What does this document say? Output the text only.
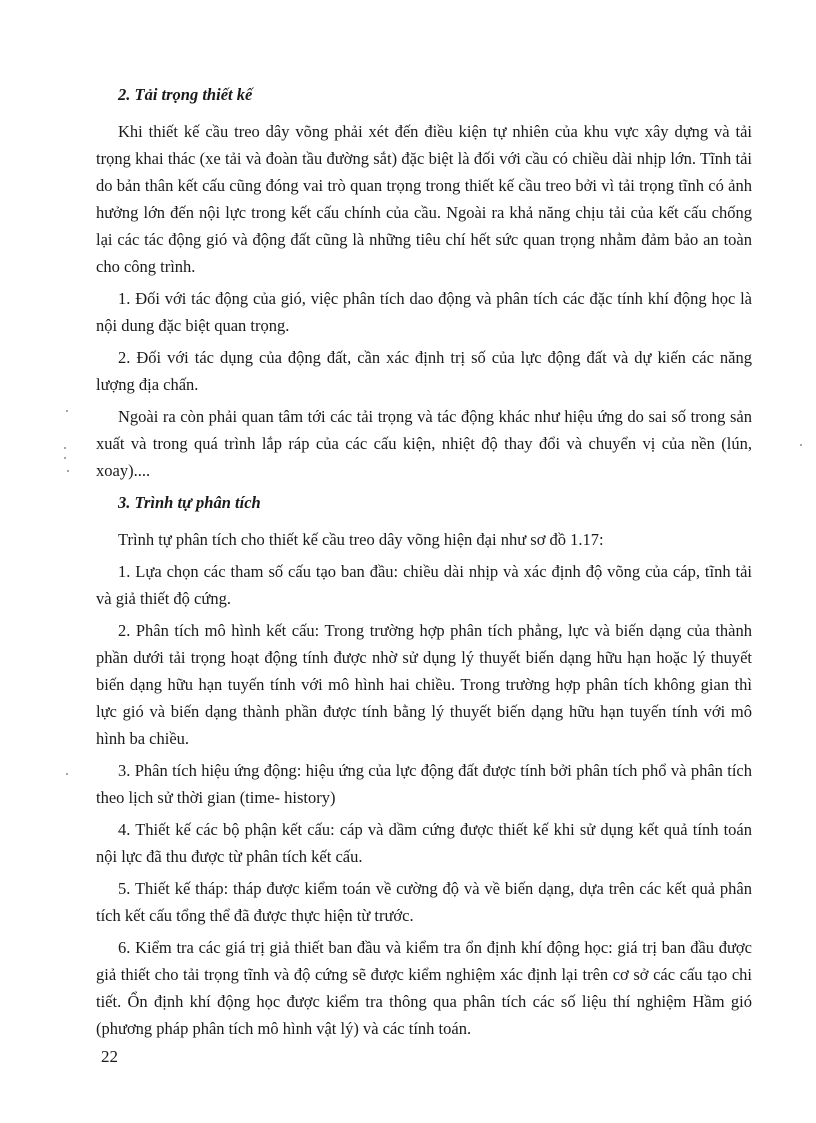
2. Tải trọng thiết kế

Khi thiết kế cầu treo dây võng phải xét đến điều kiện tự nhiên của khu vực xây dựng và tải trọng khai thác (xe tải và đoàn tầu đường sắt) đặc biệt là đối với cầu có chiều dài nhịp lớn. Tĩnh tải do bản thân kết cấu cũng đóng vai trò quan trọng trong thiết kế cầu treo bởi vì tải trọng tĩnh có ảnh hưởng lớn đến nội lực trong kết cấu chính của cầu. Ngoài ra khả năng chịu tải của kết cấu chống lại các tác động gió và động đất cũng là những tiêu chí hết sức quan trọng nhằm đảm bảo an toàn cho công trình.

1. Đối với tác động của gió, việc phân tích dao động và phân tích các đặc tính khí động học là nội dung đặc biệt quan trọng.

2. Đối với tác dụng của động đất, cần xác định trị số của lực động đất và dự kiến các năng lượng địa chấn.

Ngoài ra còn phải quan tâm tới các tải trọng và tác động khác như hiệu ứng do sai số trong sản xuất và trong quá trình lắp ráp của các cấu kiện, nhiệt độ thay đổi và chuyển vị của nền (lún, xoay)....

3. Trình tự phân tích

Trình tự phân tích cho thiết kế cầu treo dây võng hiện đại như sơ đồ 1.17:

1. Lựa chọn các tham số cấu tạo ban đầu: chiều dài nhịp và xác định độ võng của cáp, tĩnh tải và giả thiết độ cứng.

2. Phân tích mô hình kết cấu: Trong trường hợp phân tích phẳng, lực và biến dạng của thành phần dưới tải trọng hoạt động tính được nhờ sử dụng lý thuyết biến dạng hữu hạn hoặc lý thuyết biến dạng hữu hạn tuyến tính với mô hình hai chiều. Trong trường hợp phân tích không gian thì lực gió và biến dạng thành phần được tính bằng lý thuyết biến dạng hữu hạn tuyến tính với mô hình ba chiều.

3. Phân tích hiệu ứng động: hiệu ứng của lực động đất được tính bởi phân tích phổ và phân tích theo lịch sử thời gian (time- history)

4. Thiết kế các bộ phận kết cấu: cáp và dầm cứng được thiết kế khi sử dụng kết quả tính toán nội lực đã thu được từ phân tích kết cấu.

5. Thiết kế tháp: tháp được kiểm toán về cường độ và về biến dạng, dựa trên các kết quả phân tích kết cấu tổng thể đã được thực hiện từ trước.

6. Kiểm tra các giá trị giả thiết ban đầu và kiểm tra ổn định khí động học: giá trị ban đầu được giả thiết cho tải trọng tĩnh và độ cứng sẽ được kiểm nghiệm xác định lại trên cơ sở các cấu tạo chi tiết. Ổn định khí động học được kiểm tra thông qua phân tích các số liệu thí nghiệm Hầm gió (phương pháp phân tích mô hình vật lý) và các tính toán.

22
